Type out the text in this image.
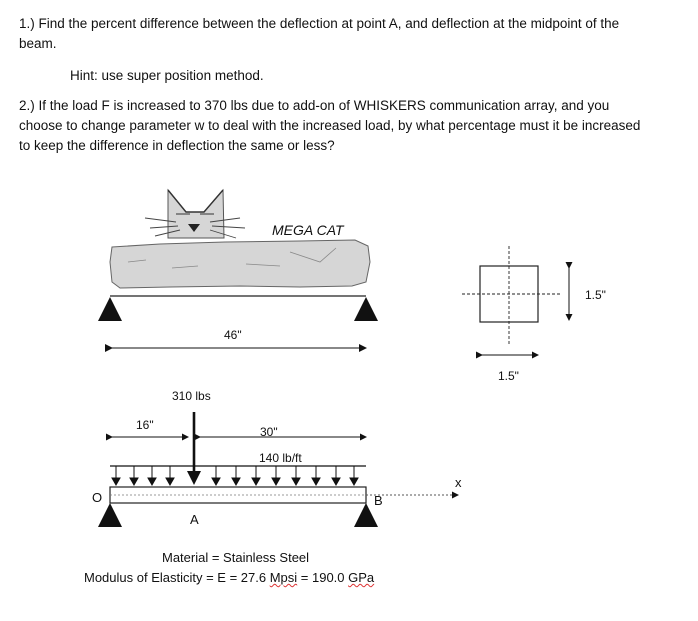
1.) Find the percent difference between the deflection at point A, and deflection at the midpoint of the
beam.
Hint: use super position method.
2.) If the load F is increased to 370 lbs due to add-on of WHISKERS communication array, and you
choose to change parameter w to deal with the increased load, by what percentage must it be increased
to keep the difference in deflection the same or less?
MEGA CAT
46"
1.5"
1.5"
310 lbs
16"	30"
140 lb/ft
O
A
B
x
Material = Stainless Steel
Modulus of Elasticity = E = 27.6 Mpsi = 190.0 GPa
